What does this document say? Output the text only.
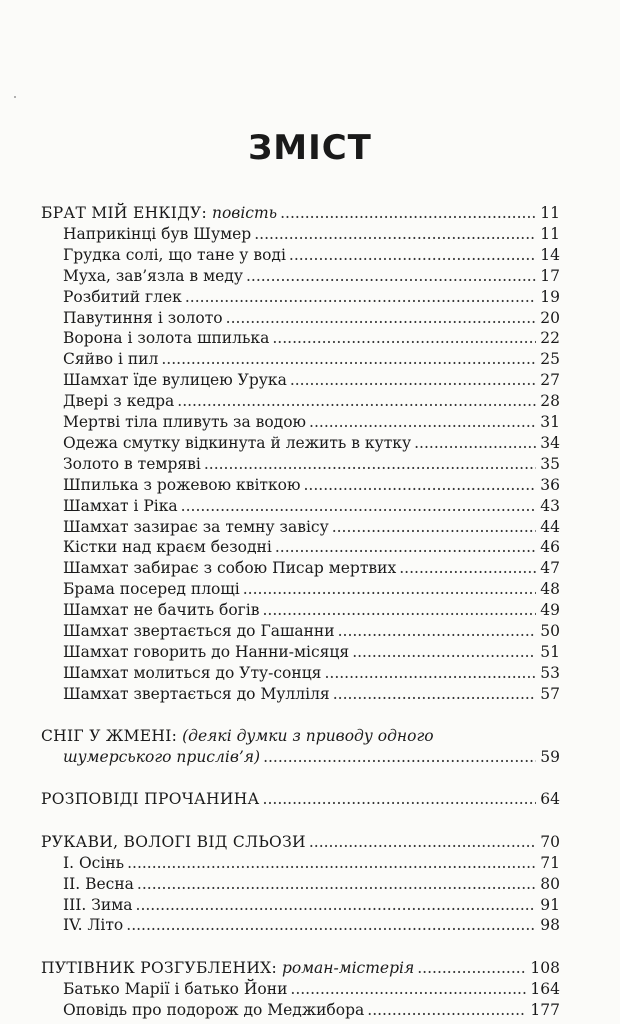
ЗМІСТ
БРАТ МІЙ ЕНКІДУ: повість	11
.....
Наприкінці був Шумер	11
.....
Грудка солі, що тане у воді	14
.....
Муха, зав’язла в меду	17
.....
Розбитий глек	19
.....
Павутиння і золото	20
.....
Ворона і золота шпилька	22
.....
Сяйво і пил	25
.....
Шамхат їде вулицею Урука	27
.....
Двері з кедра	28
.....
Мертві тіла пливуть за водою	31
.....
Одежа смутку відкинута й лежить в кутку	34
.....
Золото в темряві	35
.....
Шпилька з рожевою квіткою	36
.....
Шамхат і Ріка	43
.....
Шамхат зазирає за темну завісу	44
.....
Кістки над краєм безодні	46
.....
Шамхат забирає з собою Писар мертвих	47
.....
Брама посеред площі	48
.....
Шамхат не бачить богів	49
.....
Шамхат звертається до Гашанни	50
.....
Шамхат говорить до Нанни-місяця	51
.....
Шамхат молиться до Уту-сонця	53
.....
Шамхат звертається до Мулліля	57
.....
СНІГ У ЖМЕНІ: (деякі думки з приводу одного
шумерського прислів’я)	59
.....
РОЗПОВІДІ ПРОЧАНИНА	64
.....
РУКАВИ, ВОЛОГІ ВІД СЛЬОЗИ	70
.....
I. Осінь	71
.....
II. Весна	80
.....
III. Зима	91
.....
IV. Літо	98
.....
ПУТІВНИК РОЗГУБЛЕНИХ: роман-містерія	108
.....
Батько Марії і батько Йони	164
.....
Оповідь про подорож до Меджибора	177
.....
